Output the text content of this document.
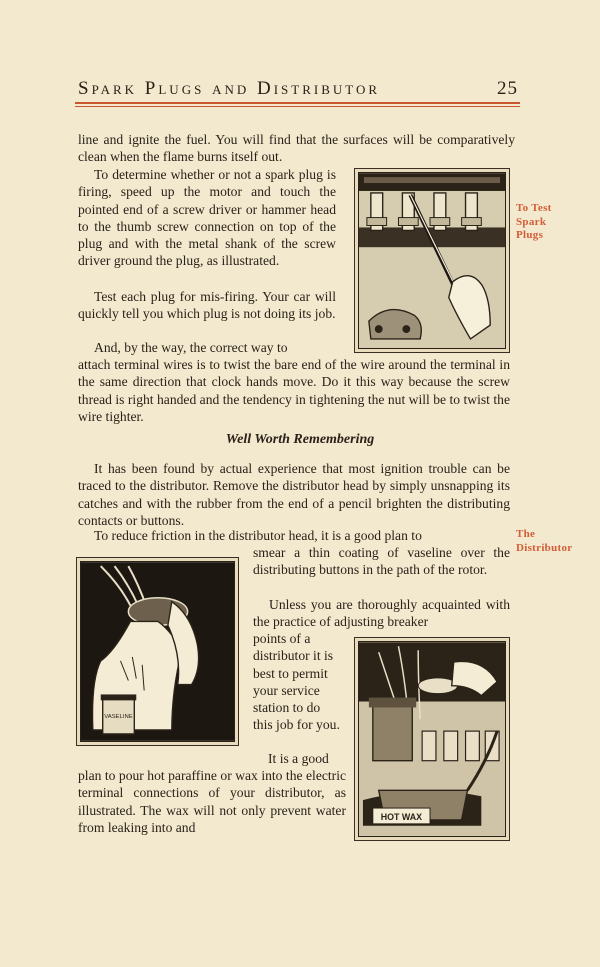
Spark Plugs and Distributor	25
line and ignite the fuel. You will find that the surfaces will be comparatively clean when the flame burns itself out.
To determine whether or not a spark plug is firing, speed up the motor and touch the pointed end of a screw driver or hammer head to the thumb screw connection on top of the plug and with the metal shank of the screw driver ground the plug, as illustrated.
Test each plug for mis-firing. Your car will quickly tell you which plug is not doing its job.
And, by the way, the correct way to
attach terminal wires is to twist the bare end of the wire around the terminal in the same direction that clock hands move. Do it this way because the screw thread is right handed and the tendency in tightening the nut will be to twist the wire tighter.
To Test Spark Plugs
Well Worth Remembering
It has been found by actual experience that most ignition trouble can be traced to the distributor. Remove the distributor head by simply unsnapping its catches and with the rubber from the end of a pencil brighten the distributing contacts or buttons.
To reduce friction in the distributor head, it is a good plan to
smear a thin coating of vaseline over the distributing buttons in the path of the rotor.
The Distributor
VASELINE
Unless you are thoroughly acquainted with the practice of adjusting breaker
points of a distributor it is best to permit your service station to do this job for you.
It is a good
plan to pour hot paraffine or wax into the electric terminal connections of your distributor, as illustrated. The wax will not only prevent water from leaking into and
HOT WAX
